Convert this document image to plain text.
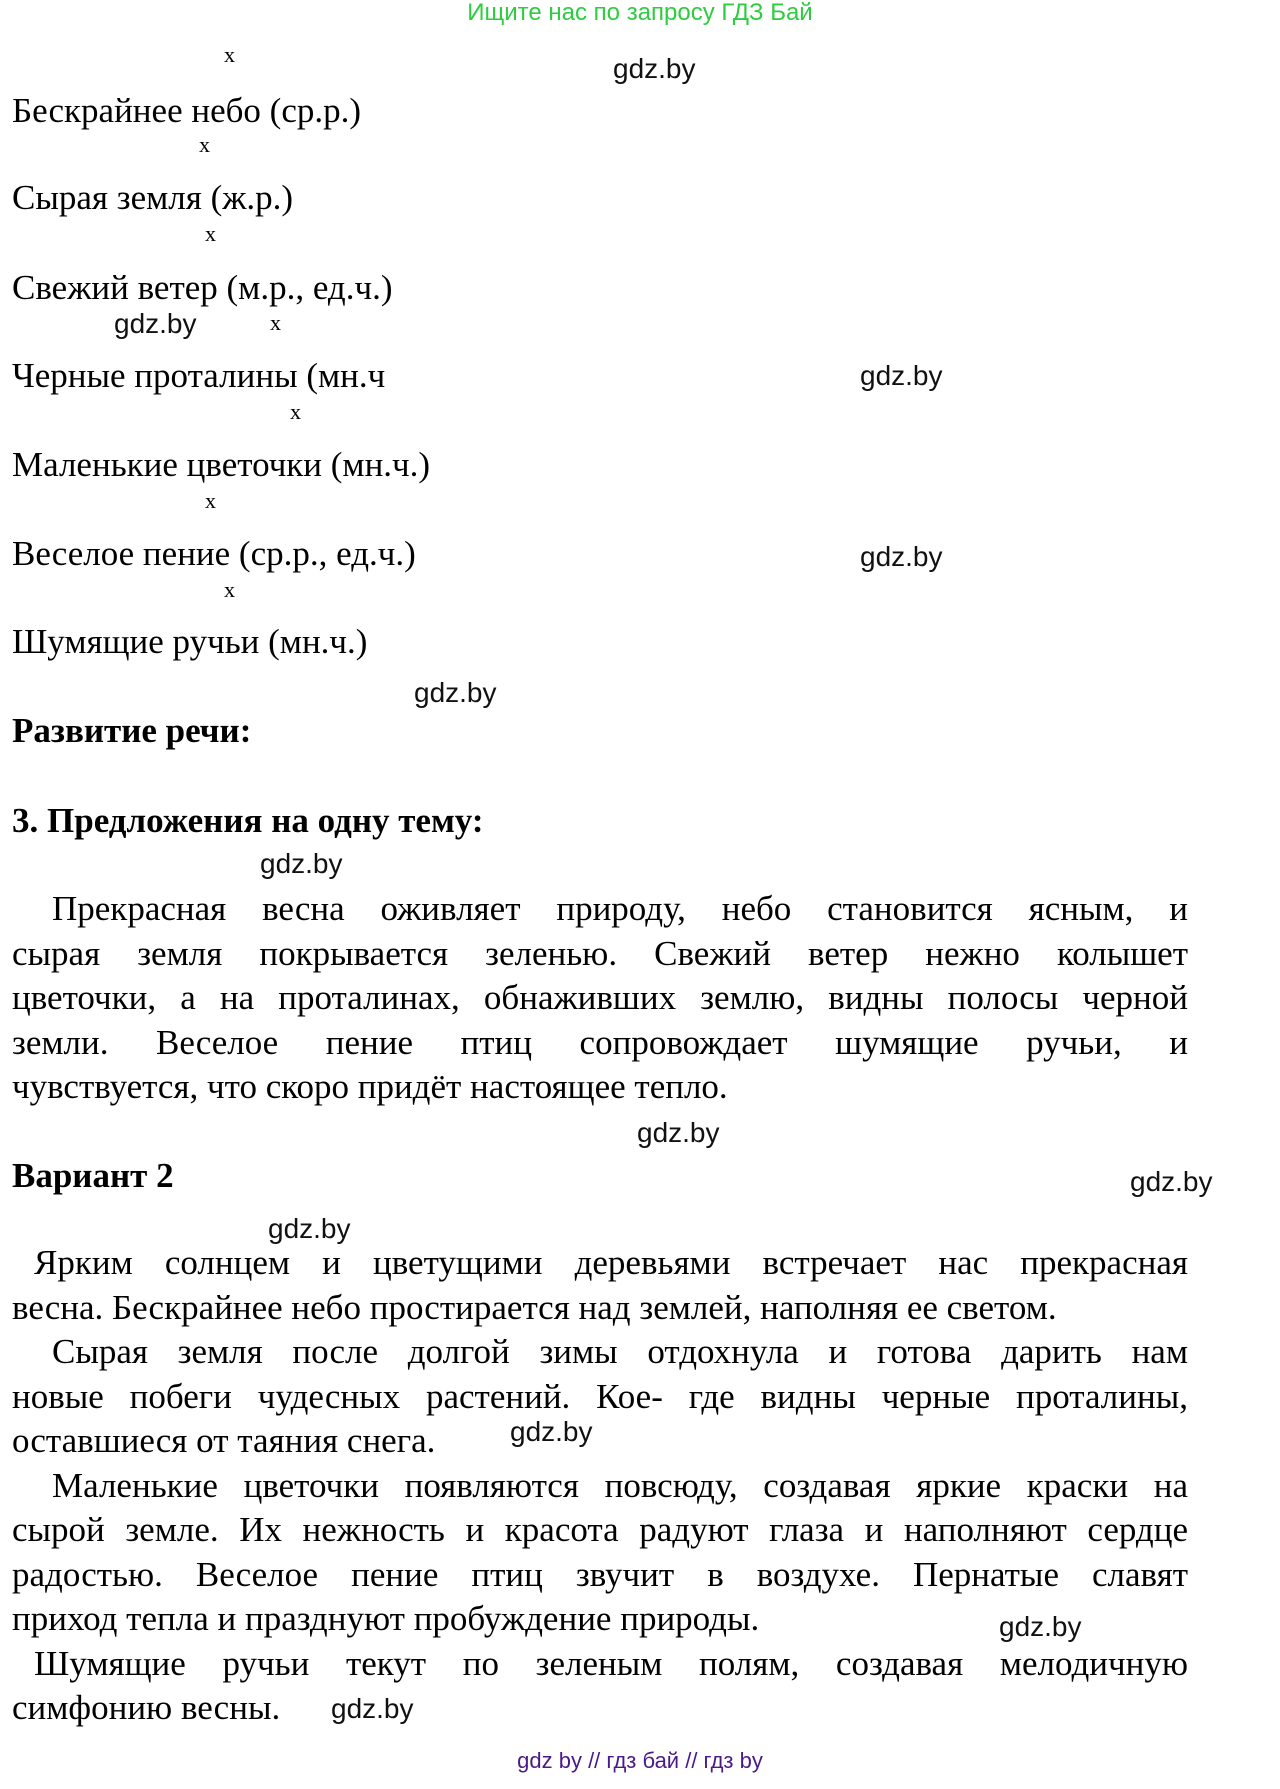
Ищите нас по запросу ГДЗ Бай
x
x
x
x
x
x
x
Бескрайнее небо (ср.р.)
Сырая земля (ж.р.)
Свежий ветер (м.р., ед.ч.)
Черные проталины (мн.ч
Маленькие цветочки (мн.ч.)
Веселое пение (ср.р., ед.ч.)
Шумящие ручьи (мн.ч.)
Развитие речи:
3. Предложения на одну тему:
Прекрасная весна оживляет природу, небо становится ясным, и
сырая земля покрывается зеленью. Свежий ветер нежно колышет
цветочки, а на проталинах, обнаживших землю, видны полосы черной
земли. Веселое пение птиц сопровождает шумящие ручьи, и
чувствуется, что скоро придёт настоящее тепло.
Вариант 2
Ярким солнцем и цветущими деревьями встречает нас прекрасная
весна. Бескрайнее небо простирается над землей, наполняя ее светом.
Сырая земля после долгой зимы отдохнула и готова дарить нам
новые побеги чудесных растений. Кое- где видны черные проталины,
оставшиеся от таяния снега.
Маленькие цветочки появляются повсюду, создавая яркие краски на
сырой земле. Их нежность и красота радуют глаза и наполняют сердце
радостью. Веселое пение птиц звучит в воздухе. Пернатые славят
приход тепла и празднуют пробуждение природы.
Шумящие ручьи текут по зеленым полям, создавая мелодичную
симфонию весны.
gdz.by
gdz.by
gdz.by
gdz.by
gdz.by
gdz.by
gdz.by
gdz.by
gdz.by
gdz.by
gdz.by
gdz.by
gdz by // гдз бай // гдз by
